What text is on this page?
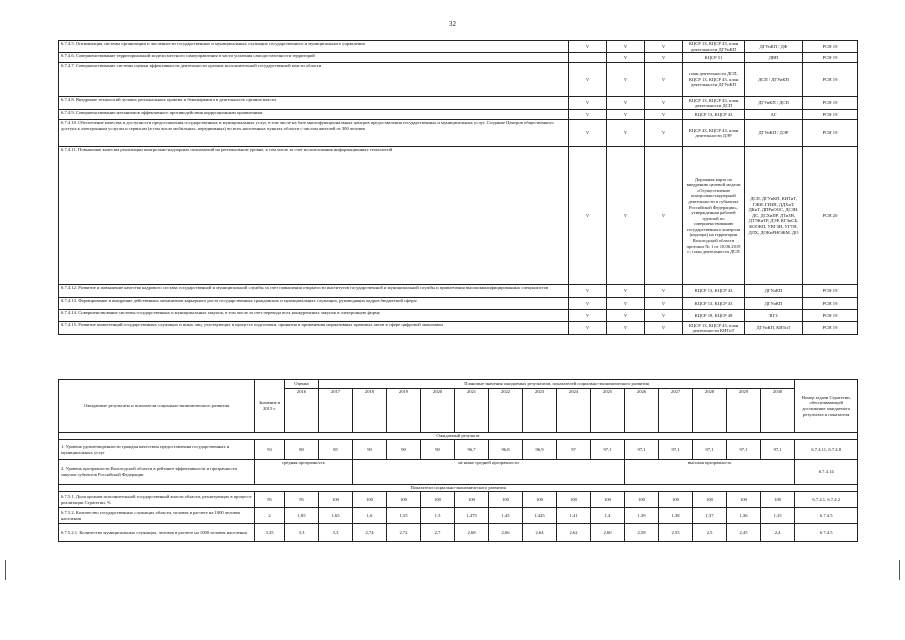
32
6.7.4.5. Оптимизация системы организации и численности государственных и муниципальных служащих государственного и муниципального управления	V	V	V	КЦСР 13, КЦСР 43, план деятельности ДГУиКП	ДГУиКП / ДФ	РСН 19
6.7.4.6. Совершенствование территориальной модели местного самоуправления в части усиления самодостаточности территорий		V	V	КЦСР 51	ДВП	РСН 19
6.7.4.7. Совершенствование системы оценки эффективности деятельности органов исполнительной государственной власти области	V	V	V	план деятельности ДСП, КЦСР 13, КЦСР 43, план деятельности ДГУиКП	ДСП / ДГУиКП	РСН 19
6.7.4.8. Внедрение технологий лучших региональных практик и бенчмаркинга в деятельность органов власти	V	V	V	КЦСР 13, КЦСР 43, план деятельности ДСП	ДГУиКП / ДСП	РСН 19
6.7.4.9. Совершенствование механизмов эффективного противодействия коррупционным проявлениям	V	V	V	КЦСР 13, КЦСР 43	АГ	РСН 19
6.7.4.10. Обеспечение качества и доступности предоставления государственных и муниципальных услуг, в том числе на базе многофункциональных центров предоставления государственных и муниципальных услуг. Создание Центров общественного доступа к электронным услугам и сервисам (в том числе мобильных, передвижных) во всех населенных пунктах области с числом жителей от 300 человек	V	V	V	КЦСР 43, КЦСР 43, план деятельности ДЭР	ДГУиКП / ДЭР	РСН 19
6.7.4.11. Повышение качества реализации контрольно-надзорных полномочий на региональном уровне, в том числе за счет использования информационных технологий	V	V	V	Дорожная карта по внедрению целевой модели «Осуществление контрольно-надзорной деятельности в субъектах Российской Федерации», утвержденная рабочей группой по совершенствованию государственного контроля (надзора) на территории Вологодской области протокол № 1 от 18.06.2019 г.; план деятельности ДСП	ДСП, ДГУиКП, КИТиТ, ГЖИ, ГИЗН, ДДХиТ, ДКиТ, ДПРиООС, ДСЗН, ДС, ДСХиПР, ДТиЗН, ДТЭКиТР, ДЭР, КГЗиСБ, КООКП, УВГЗН, УГТН, ДЛХ, ДОКиРНОЖМ, ДО	РСН 20
6.7.4.12. Развитие и повышение качества кадрового состава государственной и муниципальной службы за счет повышения открытости институтов государственной и муниципальной службы и привлечения высококвалифицированных специалистов	V	V	V	КЦСР 13, КЦСР 43	ДГУиКП	РСН 19
6.7.4.13. Формирование и внедрение действенных механизмов карьерного роста государственных гражданских и муниципальных служащих, руководящих кадров бюджетной сферы	V	V	V	КЦСР 13, КЦСР 43	ДГУиКП	РСН 19
6.7.4.14. Совершенствование системы государственных и муниципальных закупок, в том числе за счет перевода всех конкурентных закупок в электронную форму	V	V	V	КЦСР 18, КЦСР 48	ВГЗ	РСН 19
6.7.4.15. Развитие компетенций государственных служащих и иных лиц, участвующих в процессе подготовки, принятия и применения нормативных правовых актов в сфере цифровой экономики	V	V	V	КЦСР 13, КЦСР 43, план деятельности КИТиТ	ДГУиКП, КИТиТ	РСН 19
Ожидаемые результаты и показатели социально-экономического развития	Значение в 2015 г.	Оценка	Плановые значения ожидаемых результатов, показателей социально-экономического развития														Номер задачи Стратегии, обеспечивающей достижение ожидаемого результата и показателя
		2016	2017	2018	2019	2020	2021	2022	2023	2024	2025	2026	2027	2028	2029	2030	
Ожидаемый результат																	
1. Уровень удовлетворенности граждан качеством предоставления государственных и муниципальных услуг	93	80	85	90	90	90	96,7	96,8	96,9	97	97,1	97,1	97,1	97,1	97,1	97,1	6.7.4.11, 6.7.4.8
2. Уровень прозрачности Вологодской области в рейтинге эффективности и прозрачности закупок субъектов Российской Федерации	средняя прозрачность			не ниже средней прозрачности								высокая прозрачность					6.7.4.14
Показатели социально-экономического развития																	
6.7.5.1. Доля органов исполнительной государственной власти области, реализующих в процессе реализации Стратегии, %	95	95	100	100	100	100	100	100	100	100	100	100	100	100	100	100	6.7.4.1, 6.7.4.2
6.7.5.2. Количество государственных служащих области, человек в расчете на 1000 человек населения	2	1,85	1,65	1,6	1,55	1,5	1,475	1,45	1,425	1,41	1,4	1,39	1,38	1,37	1,36	1,35	6.7.4.5
6.7.5.2.1. Количество муниципальных служащих, человек в расчете на 1000 человек населения	3,35	3,3	3,3	2,74	2,72	2,7	2,68	2,66	2,64	2,62	2,60	2,58	2,55	2,5	2,45	2,4	6.7.4.5
